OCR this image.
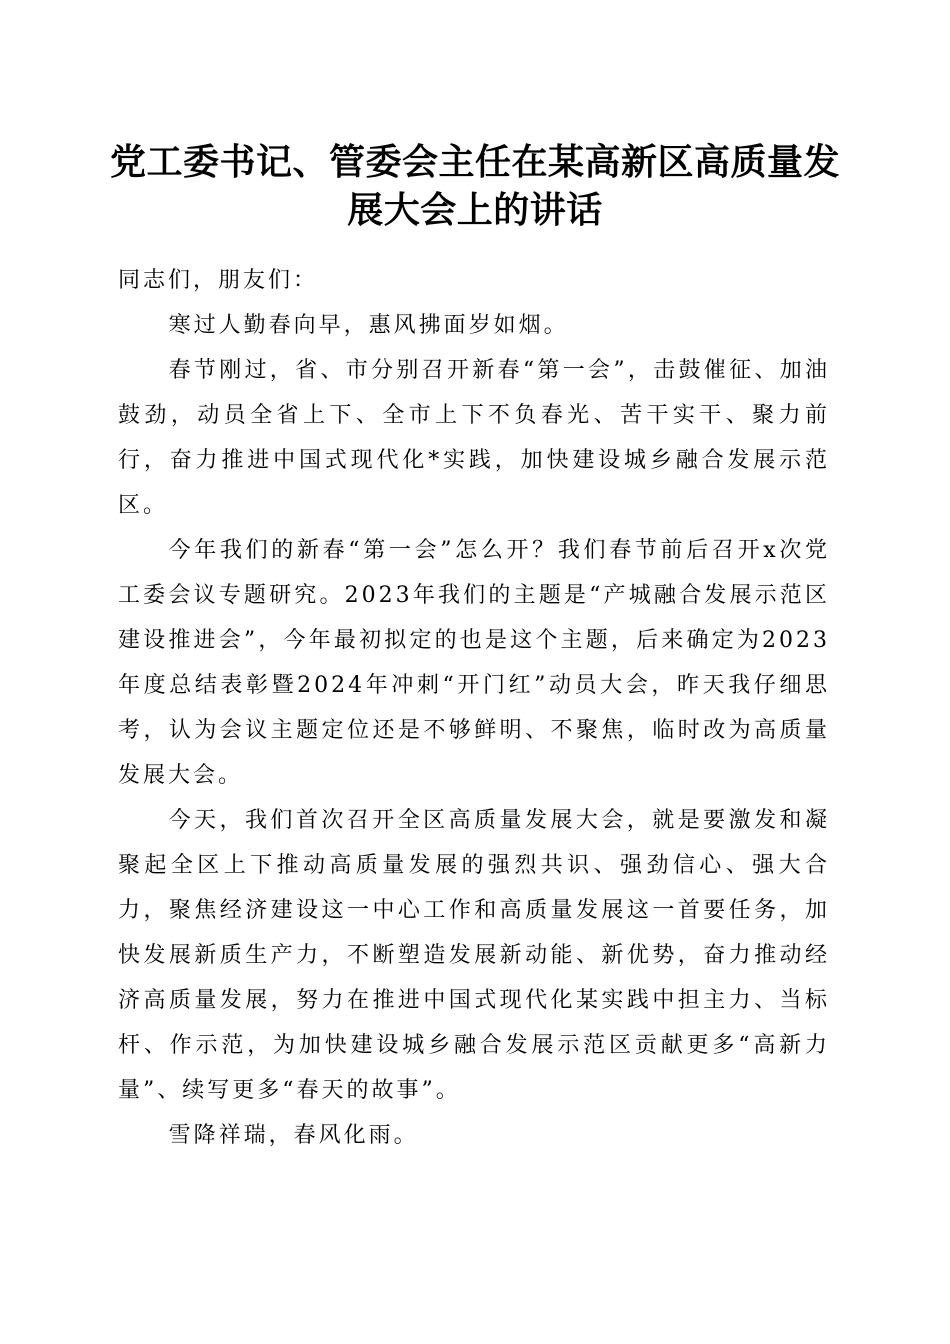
党工委书记、管委会主任在某高新区高质量发
展大会上的讲话

同志们，朋友们：

寒过人勤春向早，惠风拂面岁如烟。

春节刚过，省、市分别召开新春“第一会”，击鼓催征、加油鼓劲，动员全省上下、全市上下不负春光、苦干实干、聚力前行，奋力推进中国式现代化*实践，加快建设城乡融合发展示范区。

今年我们的新春“第一会”怎么开？我们春节前后召开x次党工委会议专题研究。2023年我们的主题是“产城融合发展示范区建设推进会”，今年最初拟定的也是这个主题，后来确定为2023年度总结表彰暨2024年冲刺“开门红”动员大会，昨天我仔细思考，认为会议主题定位还是不够鲜明、不聚焦，临时改为高质量发展大会。

今天，我们首次召开全区高质量发展大会，就是要激发和凝聚起全区上下推动高质量发展的强烈共识、强劲信心、强大合力，聚焦经济建设这一中心工作和高质量发展这一首要任务，加快发展新质生产力，不断塑造发展新动能、新优势，奋力推动经济高质量发展，努力在推进中国式现代化某实践中担主力、当标杆、作示范，为加快建设城乡融合发展示范区贡献更多“高新力量”、续写更多“春天的故事”。

雪降祥瑞，春风化雨。
